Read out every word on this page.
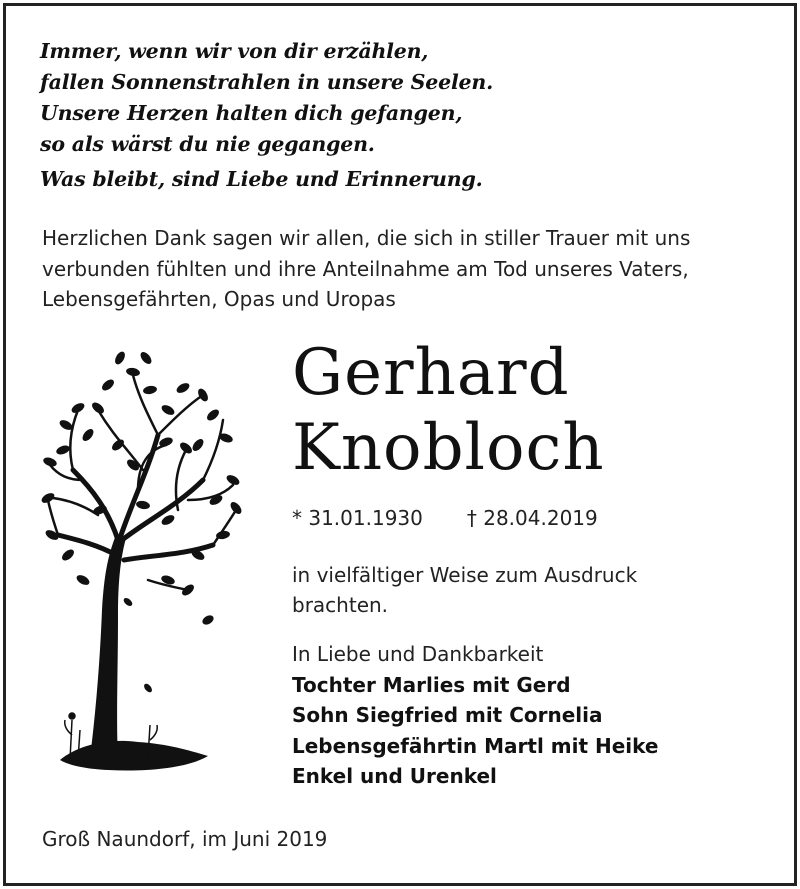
Immer, wenn wir von dir erzählen,
fallen Sonnenstrahlen in unsere Seelen.
Unsere Herzen halten dich gefangen,
so als wärst du nie gegangen.
Was bleibt, sind Liebe und Erinnerung.
Herzlichen Dank sagen wir allen, die sich in stiller Trauer mit uns
verbunden fühlten und ihre Anteilnahme am Tod unseres Vaters,
Lebensgefährten, Opas und Uropas
Gerhard
Knobloch
* 31.01.1930 † 28.04.2019
in vielfältiger Weise zum Ausdruck
brachten.
In Liebe und Dankbarkeit
Tochter Marlies mit Gerd
Sohn Siegfried mit Cornelia
Lebensgefährtin Martl mit Heike
Enkel und Urenkel
Groß Naundorf, im Juni 2019
